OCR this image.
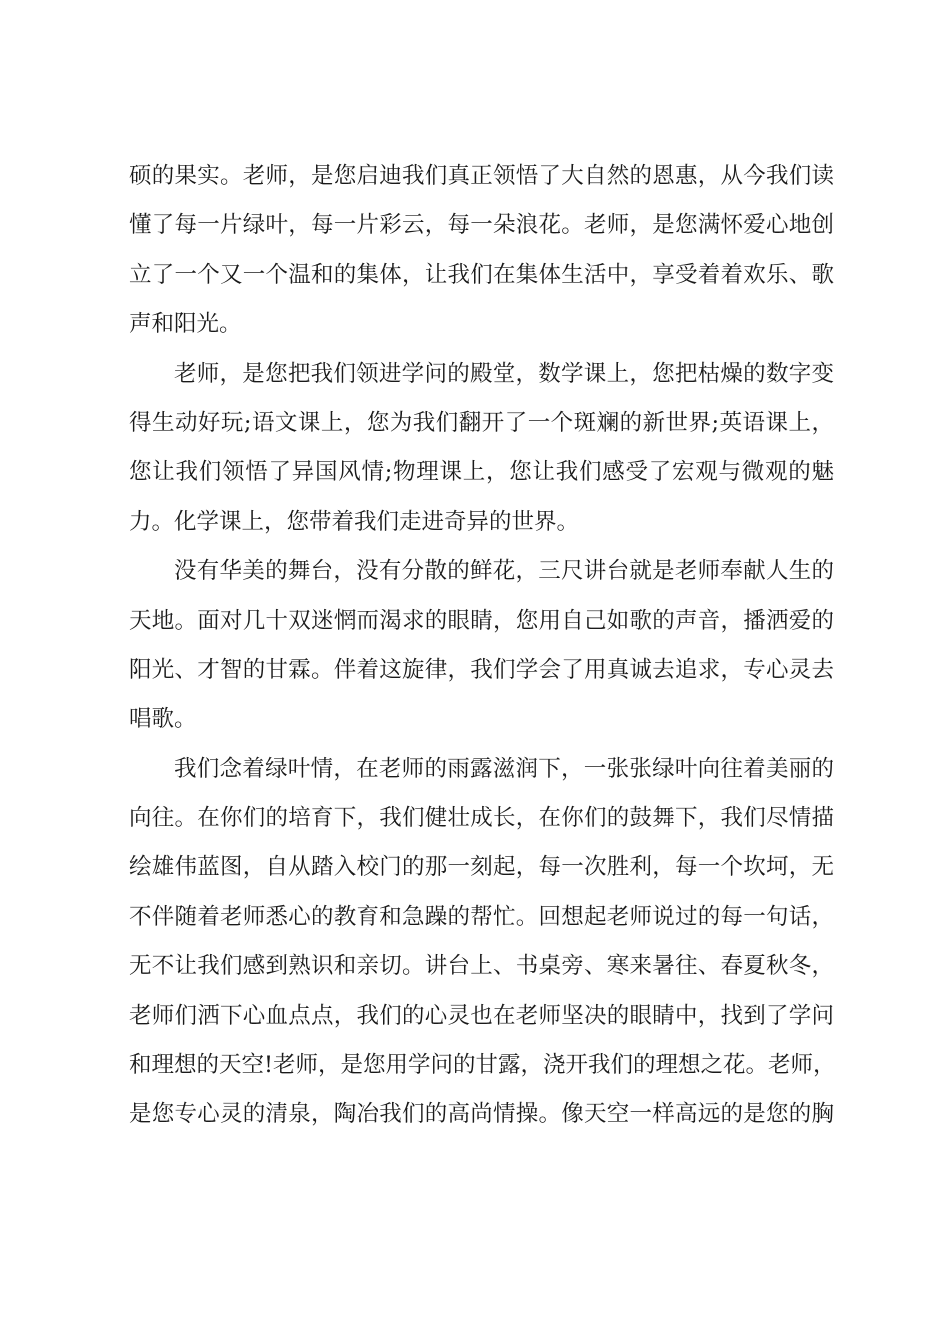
硕的果实。老师，是您启迪我们真正领悟了大自然的恩惠，从今我们读
懂了每一片绿叶，每一片彩云，每一朵浪花。老师，是您满怀爱心地创
立了一个又一个温和的集体，让我们在集体生活中，享受着着欢乐、歌
声和阳光。
老师，是您把我们领进学问的殿堂，数学课上，您把枯燥的数字变
得生动好玩;语文课上，您为我们翻开了一个斑斓的新世界;英语课上，
您让我们领悟了异国风情;物理课上，您让我们感受了宏观与微观的魅
力。化学课上，您带着我们走进奇异的世界。
没有华美的舞台，没有分散的鲜花，三尺讲台就是老师奉献人生的
天地。面对几十双迷惘而渴求的眼睛，您用自己如歌的声音，播洒爱的
阳光、才智的甘霖。伴着这旋律，我们学会了用真诚去追求，专心灵去
唱歌。
我们念着绿叶情，在老师的雨露滋润下，一张张绿叶向往着美丽的
向往。在你们的培育下，我们健壮成长，在你们的鼓舞下，我们尽情描
绘雄伟蓝图，自从踏入校门的那一刻起，每一次胜利，每一个坎坷，无
不伴随着老师悉心的教育和急躁的帮忙。回想起老师说过的每一句话，
无不让我们感到熟识和亲切。讲台上、书桌旁、寒来暑往、春夏秋冬，
老师们洒下心血点点，我们的心灵也在老师坚决的眼睛中，找到了学问
和理想的天空!老师，是您用学问的甘露，浇开我们的理想之花。老师，
是您专心灵的清泉，陶冶我们的高尚情操。像天空一样高远的是您的胸
